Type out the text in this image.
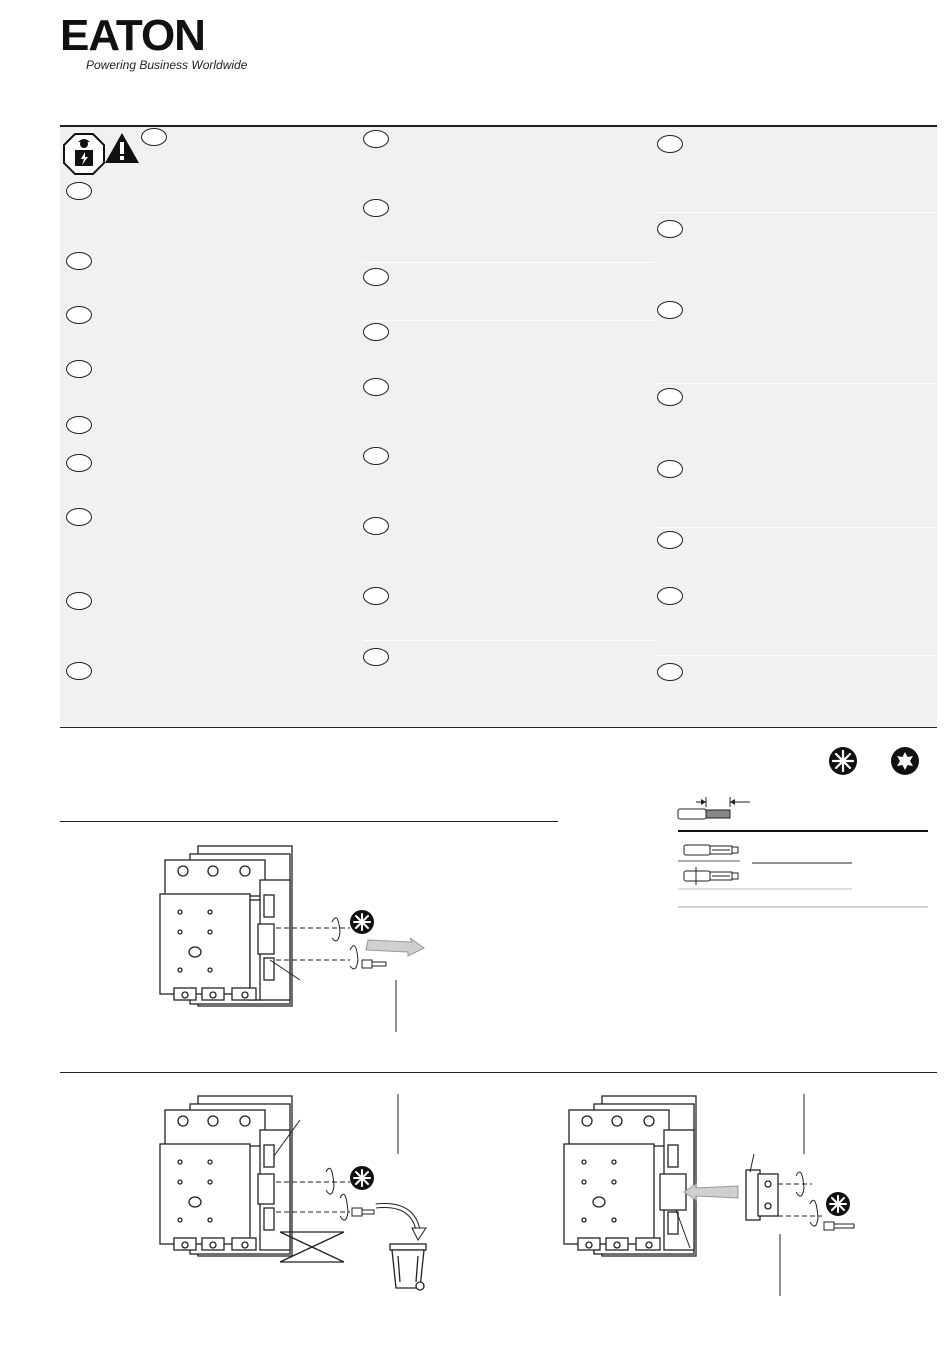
EATON
Powering Business Worldwide
